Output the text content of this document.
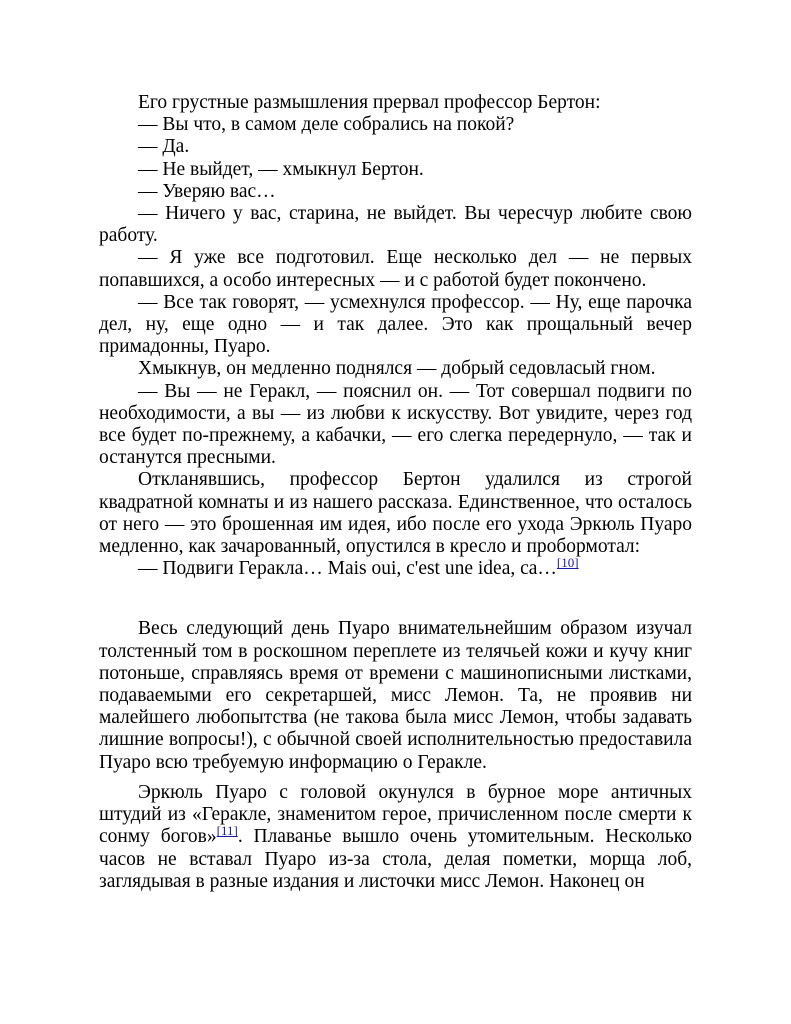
Его грустные размышления прервал профессор Бертон:

— Вы что, в самом деле собрались на покой?

— Да.

— Не выйдет, — хмыкнул Бертон.

— Уверяю вас…

— Ничего у вас, старина, не выйдет. Вы чересчур любите свою работу.

— Я уже все подготовил. Еще несколько дел — не первых попавшихся, а особо интересных — и с работой будет покончено.

— Все так говорят, — усмехнулся профессор. — Ну, еще парочка дел, ну, еще одно — и так далее. Это как прощальный вечер примадонны, Пуаро.

Хмыкнув, он медленно поднялся — добрый седовласый гном.

— Вы — не Геракл, — пояснил он. — Тот совершал подвиги по необходимости, а вы — из любви к искусству. Вот увидите, через год все будет по-прежнему, а кабачки, — его слегка передернуло, — так и останутся пресными.

Откланявшись, профессор Бертон удалился из строгой квадратной комнаты и из нашего рассказа. Единственное, что осталось от него — это брошенная им идея, ибо после его ухода Эркюль Пуаро медленно, как зачарованный, опустился в кресло и пробормотал:

— Подвиги Геракла… Mais oui, c'est une idea, ca…[10]

Весь следующий день Пуаро внимательнейшим образом изучал толстенный том в роскошном переплете из телячьей кожи и кучу книг потоньше, справляясь время от времени с машинописными листками, подаваемыми его секретаршей, мисс Лемон. Та, не проявив ни малейшего любопытства (не такова была мисс Лемон, чтобы задавать лишние вопросы!), с обычной своей исполнительностью предоставила Пуаро всю требуемую информацию о Геракле.

Эркюль Пуаро с головой окунулся в бурное море античных штудий из «Геракле, знаменитом герое, причисленном после смерти к сонму богов»[11]. Плаванье вышло очень утомительным. Несколько часов не вставал Пуаро из-за стола, делая пометки, морща лоб, заглядывая в разные издания и листочки мисс Лемон. Наконец он
